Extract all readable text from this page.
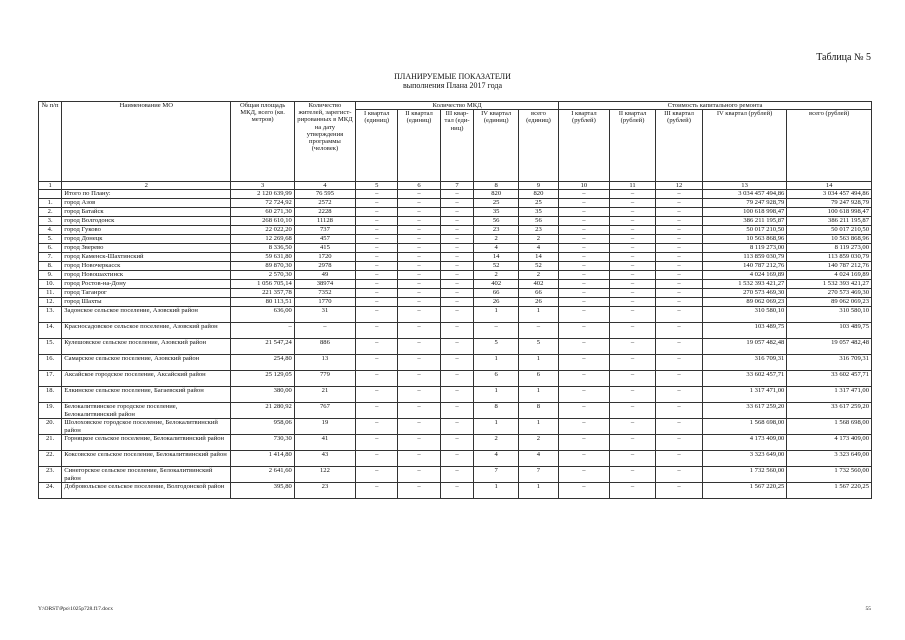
Таблица № 5
ПЛАНИРУЕМЫЕ ПОКАЗАТЕЛИ
выполнения Плана 2017 года
№ п/п	Наименование МО	Общая площадь МКД, всего (кв. метров)	Количество жителей, зарегист-рированных в МКД на дату утверждения программы (человек)	Количество МКД					Стоимость капитального ремонта				
				I квартал (единиц)	II квартал (единиц)	III квар-тал (еди-ниц)	IV квартал (единиц)	всего (единиц)	I квартал (рублей)	II квартал (рублей)	III квартал (рублей)	IV квартал (рублей)	всего (рублей)
1	2	3	4	5	6	7	8	9	10	11	12	13	14
	Итого по Плану:	2 120 639,99	76 595	–	–	–	820	820	–	–	–	3 034 457 494,86	3 034 457 494,86
1.	город Азов	72 724,92	2572	–	–	–	25	25	–	–	–	79 247 928,79	79 247 928,79
2.	город Батайск	60 271,30	2228	–	–	–	35	35	–	–	–	100 618 998,47	100 618 998,47
3.	город Волгодонск	268 610,10	11128	–	–	–	56	56	–	–	–	386 211 195,87	386 211 195,87
4.	город Гуково	22 022,20	737	–	–	–	23	23	–	–	–	50 017 210,50	50 017 210,50
5.	город Донецк	12 269,68	457	–	–	–	2	2	–	–	–	10 563 868,96	10 563 868,96
6.	город Зверево	8 336,50	415	–	–	–	4	4	–	–	–	8 119 273,00	8 119 273,00
7.	город Каменск-Шахтинский	59 631,80	1720	–	–	–	14	14	–	–	–	113 859 030,79	113 859 030,79
8.	город Новочеркасск	89 870,30	2978	–	–	–	52	52	–	–	–	140 787 212,76	140 787 212,76
9.	город Новошахтинск	2 570,30	49	–	–	–	2	2	–	–	–	4 024 169,89	4 024 169,89
10.	город Ростов-на-Дону	1 056 705,14	38974	–	–	–	402	402	–	–	–	1 532 393 421,27	1 532 393 421,27
11.	город Таганрог	221 357,78	7352	–	–	–	66	66	–	–	–	270 573 469,30	270 573 469,30
12.	город Шахты	80 113,51	1770	–	–	–	26	26	–	–	–	89 062 069,23	89 062 069,23
13.	Задонское сельское поселение, Азовский район	636,00	31	–	–	–	1	1	–	–	–	310 580,10	310 580,10
14.	Красносадовское сельское поселение, Азовский район	–	–	–	–	–	–	–	–	–	–	103 489,75	103 489,75
15.	Кулешовское сельское поселение, Азовский район	21 547,24	886	–	–	–	5	5	–	–	–	19 057 482,48	19 057 482,48
16.	Самарское сельское поселение, Азовский район	254,80	13	–	–	–	1	1	–	–	–	316 709,31	316 709,31
17.	Аксайское городское поселение, Аксайский район	25 129,05	779	–	–	–	6	6	–	–	–	33 602 457,71	33 602 457,71
18.	Елкинское сельское поселение, Багаевский район	380,00	21	–	–	–	1	1	–	–	–	1 317 471,00	1 317 471,00
19.	Белокалитвинское городское поселение, Белокалитвинский район	21 280,92	767	–	–	–	8	8	–	–	–	33 617 259,20	33 617 259,20
20.	Шолоховское городское поселение, Белокалитвинский район	958,06	19	–	–	–	1	1	–	–	–	1 568 698,00	1 568 698,00
21.	Горняцкое сельское поселение, Белокалитвинский район	730,30	41	–	–	–	2	2	–	–	–	4 173 409,00	4 173 409,00
22.	Коксовское сельское поселение, Белокалитвинский район	1 414,80	43	–	–	–	4	4	–	–	–	3 323 649,00	3 323 649,00
23.	Синегорское сельское поселение, Белокалитвинский район	2 641,60	122	–	–	–	7	7	–	–	–	1 732 560,00	1 732 560,00
24.	Добровольское сельское поселение, Волгодонской район	395,80	23	–	–	–	1	1	–	–	–	1 567 220,25	1 567 220,25
Y:\ORST\Ppo\1025p728.f17.docx	55
